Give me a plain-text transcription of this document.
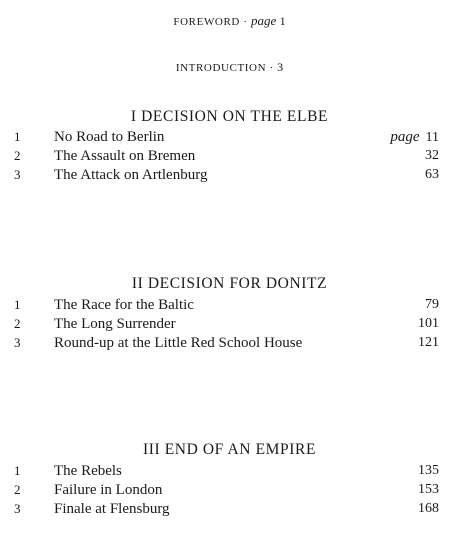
FOREWORD · page 1
INTRODUCTION · 3
I DECISION ON THE ELBE
1 No Road to Berlin	page 11
2 The Assault on Bremen	32
3 The Attack on Artlenburg	63
II DECISION FOR DONITZ
1 The Race for the Baltic	79
2 The Long Surrender	101
3 Round-up at the Little Red School House	121
III END OF AN EMPIRE
1 The Rebels	135
2 Failure in London	153
3 Finale at Flensburg	168
